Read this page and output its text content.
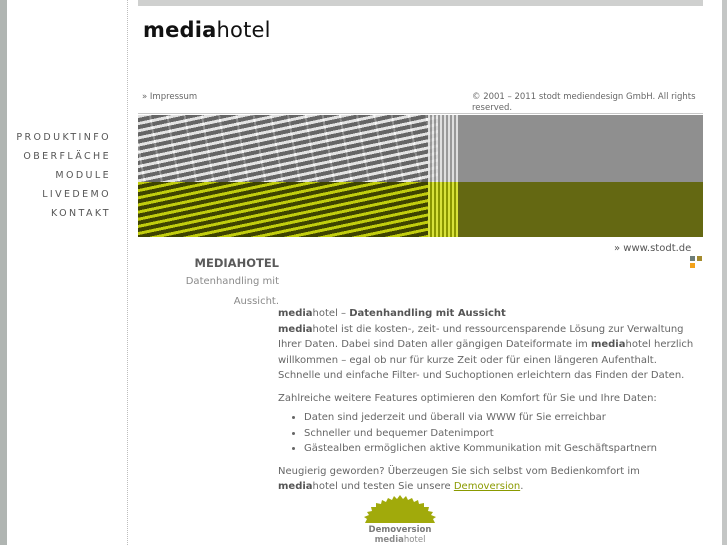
mediahotel
» Impressum	© 2001 – 2011 stodt mediendesign GmbH. All rights reserved.
PRODUKTINFO
OBERFLÄCHE
MODULE
LIVEDEMO
KONTAKT
» www.stodt.de
MEDIAHOTEL
Datenhandling mit Aussicht.

mediahotel – Datenhandling mit Aussicht

mediahotel ist die kosten-, zeit- und ressourcensparende Lösung zur Verwaltung Ihrer Daten. Dabei sind Daten aller gängigen Dateiformate im mediahotel herzlich willkommen – egal ob nur für kurze Zeit oder für einen längeren Aufenthalt. Schnelle und einfache Filter- und Suchoptionen erleichtern das Finden der Daten.

Zahlreiche weitere Features optimieren den Komfort für Sie und Ihre Daten:

• Daten sind jederzeit und überall via WWW für Sie erreichbar
• Schneller und bequemer Datenimport
• Gästealben ermöglichen aktive Kommunikation mit Geschäftspartnern

Neugierig geworden? Überzeugen Sie sich selbst vom Bedienkomfort im mediahotel und testen Sie unsere Demoversion.

Demoversion
mediahotel
